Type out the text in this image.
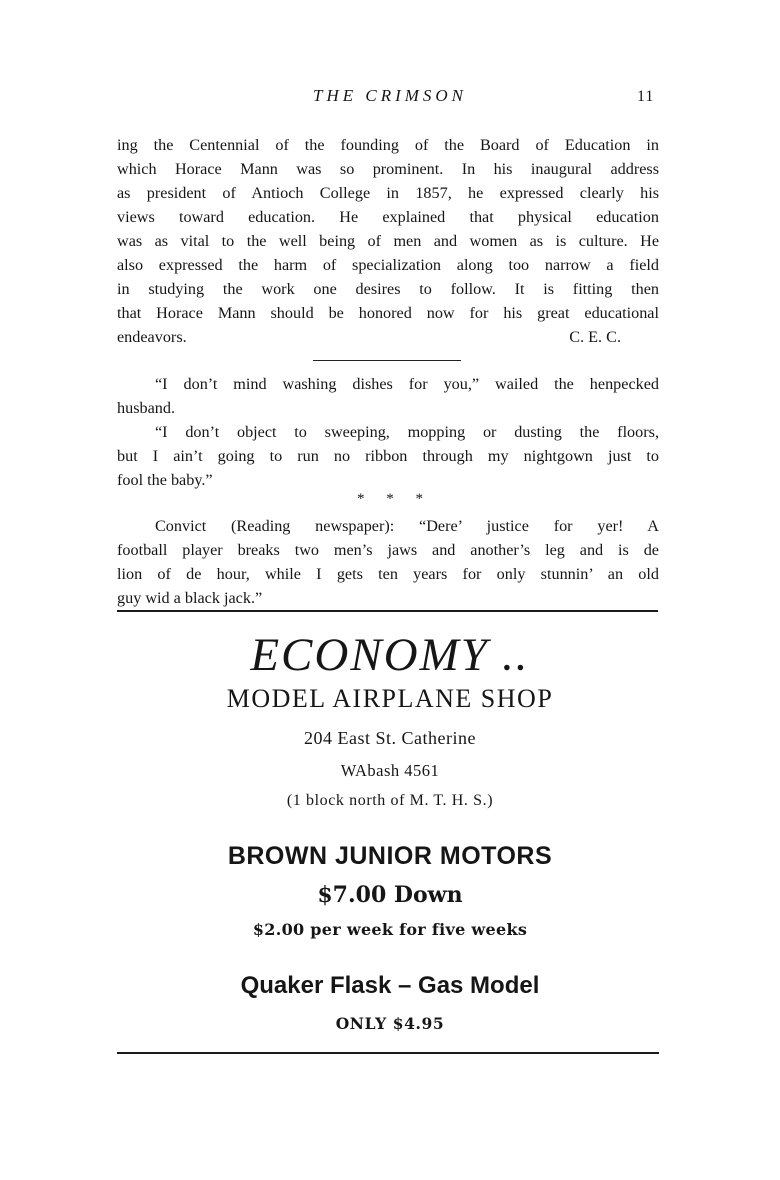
THE CRIMSON	11
ing the Centennial of the founding of the Board of Education in
which Horace Mann was so prominent. In his inaugural address
as president of Antioch College in 1857, he expressed clearly his
views toward education. He explained that physical education
was as vital to the well being of men and women as is culture. He
also expressed the harm of specialization along too narrow a field
in studying the work one desires to follow. It is fitting then
that Horace Mann should be honored now for his great educational
endeavors.	C. E. C.
“I don’t mind washing dishes for you,” wailed the henpecked
husband.
“I don’t object to sweeping, mopping or dusting the floors,
but I ain’t going to run no ribbon through my nightgown just to
fool the baby.”
* * *
Convict (Reading newspaper): “Dere’ justice for yer! A
football player breaks two men’s jaws and another’s leg and is de
lion of de hour, while I gets ten years for only stunnin’ an old
guy wid a black jack.”
ECONOMY ..
MODEL AIRPLANE SHOP
204 East St. Catherine
WAbash 4561
(1 block north of M. T. H. S.)
BROWN JUNIOR MOTORS
$7.00 Down
$2.00 per week for five weeks
Quaker Flask – Gas Model
ONLY $4.95
